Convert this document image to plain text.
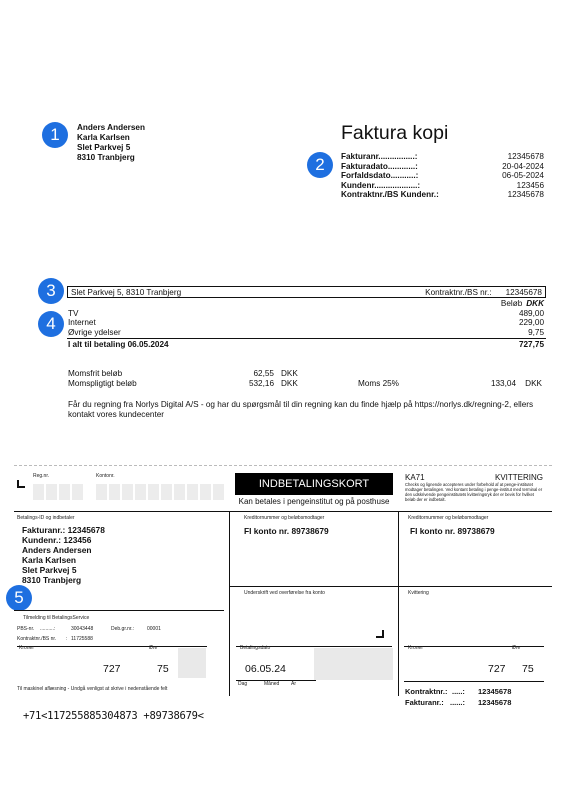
1
2
3
4
5
Anders Andersen
Karla Karlsen
Slet Parkvej 5
8310 Tranbjerg
Faktura kopi
Fakturanr................:	12345678
Fakturadato............:	20-04-2024
Forfaldsdato...........:	06-05-2024
Kundenr...................:	123456
Kontraktnr./BS Kundenr.:	12345678
Slet Parkvej 5, 8310 Tranbjerg	Kontraktnr./BS nr.: 12345678
Beløb DKK
TV	489,00
Internet	229,00
Øvrige ydelser	9,75
I alt til betaling 06.05.2024	727,75
Momsfrit beløb	62,55 DKK
Momspligtigt beløb	532,16 DKK	Moms 25%	133,04 DKK
Får du regning fra Norlys Digital A/S - og har du spørgsmål til din regning kan du finde hjælp på https://norlys.dk/regning-2, ellers kontakt vores kundecenter
Reg.nr.	Kontonr.
INDBETALINGSKORT
Kan betales i pengeinstitut og på posthuse
KA71	KVITTERING
Checks og lignende accepteres under forbehold af at penge-institutet modtager betalingen. Ved kontant betaling i penge-institut med terminal er den udskrivende pengeinstitutets kvitteringsryk der er bevis for hvilket beløb der er indbetalt.
Betalings-ID og indbetaler
Fakturanr.: 12345678
Kundenr.: 123456
Anders Andersen
Karla Karlsen
Slet Parkvej 5
8310 Tranbjerg
Kreditornummer og beløbsmodtager
FI konto nr. 89738679
Kreditornummer og beløbsmodtager
FI konto nr. 89738679
Underskrift ved overførelse fra konto	Kvittering
Tilmelding til BetalingsService
PBS-nr. ..........:	30043448	Deb.gr.nr.:	00001
Kontraktnr./BS nr. : 11725588
Kroner	Øre
727	75
Betalingsdato
06.05.24
Dag	Måned År
Kroner	Øre
727 75
Til maskinel aflæsning - Undgå venligst at skrive i nedenstående felt	Kontraktnr.: .....: 12345678
Fakturanr.: ......: 12345678
+71<117255885304873 +89738679<
